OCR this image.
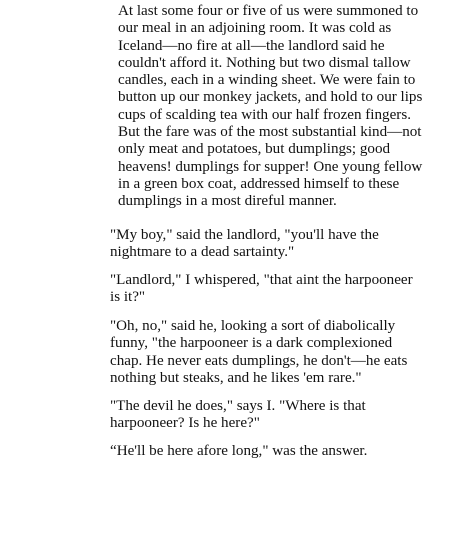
At last some four or five of us were summoned to
our meal in an adjoining room. It was cold as
Iceland—no fire at all—the landlord said he
couldn't afford it. Nothing but two dismal tallow
candles, each in a winding sheet. We were fain to
button up our monkey jackets, and hold to our lips
cups of scalding tea with our half frozen fingers.
But the fare was of the most substantial kind—not
only meat and potatoes, but dumplings; good
heavens! dumplings for supper! One young fellow
in a green box coat, addressed himself to these
dumplings in a most direful manner.
"My boy," said the landlord, "you'll have the
nightmare to a dead sartainty."
"Landlord," I whispered, "that aint the harpooneer
is it?"
"Oh, no," said he, looking a sort of diabolically
funny, "the harpooneer is a dark complexioned
chap. He never eats dumplings, he don't—he eats
nothing but steaks, and he likes 'em rare."
"The devil he does," says I. "Where is that
harpooneer? Is he here?"
“He'll be here afore long," was the answer.
